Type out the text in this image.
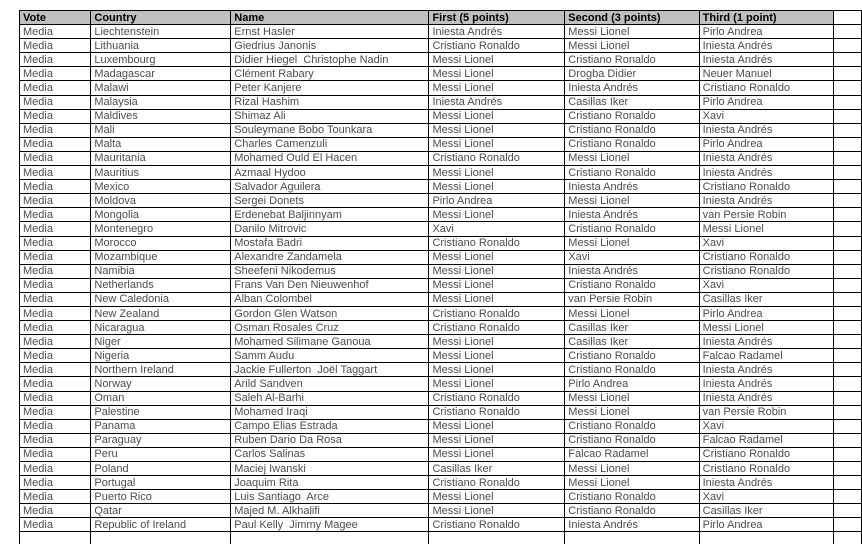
Vote	Country	Name	First (5 points)	Second (3 points)	Third (1 point)	
Media	Liechtenstein	Ernst Hasler	Iniesta Andrés	Messi Lionel	Pirlo Andrea	
Media	Lithuania	Giedrius Janonis	Cristiano Ronaldo	Messi Lionel	Iniesta Andrés	
Media	Luxembourg	Didier Hiegel  Christophe Nadin	Messi Lionel	Cristiano Ronaldo	Iniesta Andrés	
Media	Madagascar	Clément Rabary	Messi Lionel	Drogba Didier	Neuer Manuel	
Media	Malawi	Peter Kanjere	Messi Lionel	Iniesta Andrés	Cristiano Ronaldo	
Media	Malaysia	Rizal Hashim	Iniesta Andrés	Casillas Iker	Pirlo Andrea	
Media	Maldives	Shimaz Ali	Messi Lionel	Cristiano Ronaldo	Xavi	
Media	Mali	Souleymane Bobo Tounkara	Messi Lionel	Cristiano Ronaldo	Iniesta Andrés	
Media	Malta	Charles Camenzuli	Messi Lionel	Cristiano Ronaldo	Pirlo Andrea	
Media	Mauritania	Mohamed Ould El Hacen	Cristiano Ronaldo	Messi Lionel	Iniesta Andrés	
Media	Mauritius	Azmaal Hydoo	Messi Lionel	Cristiano Ronaldo	Iniesta Andrés	
Media	Mexico	Salvador Aguilera	Messi Lionel	Iniesta Andrés	Cristiano Ronaldo	
Media	Moldova	Sergei Donets	Pirlo Andrea	Messi Lionel	Iniesta Andrés	
Media	Mongolia	Erdenebat Baljinnyam	Messi Lionel	Iniesta Andrés	van Persie Robin	
Media	Montenegro	Danilo Mitrovic	Xavi	Cristiano Ronaldo	Messi Lionel	
Media	Morocco	Mostafa Badri	Cristiano Ronaldo	Messi Lionel	Xavi	
Media	Mozambique	Alexandre Zandamela	Messi Lionel	Xavi	Cristiano Ronaldo	
Media	Namibia	Sheefeni Nikodemus	Messi Lionel	Iniesta Andrés	Cristiano Ronaldo	
Media	Netherlands	Frans Van Den Nieuwenhof	Messi Lionel	Cristiano Ronaldo	Xavi	
Media	New Caledonia	Alban Colombel	Messi Lionel	van Persie Robin	Casillas Iker	
Media	New Zealand	Gordon Glen Watson	Cristiano Ronaldo	Messi Lionel	Pirlo Andrea	
Media	Nicaragua	Osman Rosales Cruz	Cristiano Ronaldo	Casillas Iker	Messi Lionel	
Media	Niger	Mohamed Silimane Ganoua	Messi Lionel	Casillas Iker	Iniesta Andrés	
Media	Nigeria	Samm Audu	Messi Lionel	Cristiano Ronaldo	Falcao Radamel	
Media	Northern Ireland	Jackie Fullerton  Joël Taggart	Messi Lionel	Cristiano Ronaldo	Iniesta Andrés	
Media	Norway	Arild Sandven	Messi Lionel	Pirlo Andrea	Iniesta Andrés	
Media	Oman	Saleh Al-Barhi	Cristiano Ronaldo	Messi Lionel	Iniesta Andrés	
Media	Palestine	Mohamed Iraqi	Cristiano Ronaldo	Messi Lionel	van Persie Robin	
Media	Panama	Campo Elias Estrada	Messi Lionel	Cristiano Ronaldo	Xavi	
Media	Paraguay	Ruben Dario Da Rosa	Messi Lionel	Cristiano Ronaldo	Falcao Radamel	
Media	Peru	Carlos Salinas	Messi Lionel	Falcao Radamel	Cristiano Ronaldo	
Media	Poland	Maciej Iwanski	Casillas Iker	Messi Lionel	Cristiano Ronaldo	
Media	Portugal	Joaquim Rita	Cristiano Ronaldo	Messi Lionel	Iniesta Andrés	
Media	Puerto Rico	Luis Santiago  Arce	Messi Lionel	Cristiano Ronaldo	Xavi	
Media	Qatar	Majed M. Alkhalifi	Messi Lionel	Cristiano Ronaldo	Casillas Iker	
Media	Republic of Ireland	Paul Kelly  Jimmy Magee	Cristiano Ronaldo	Iniesta Andrés	Pirlo Andrea	
